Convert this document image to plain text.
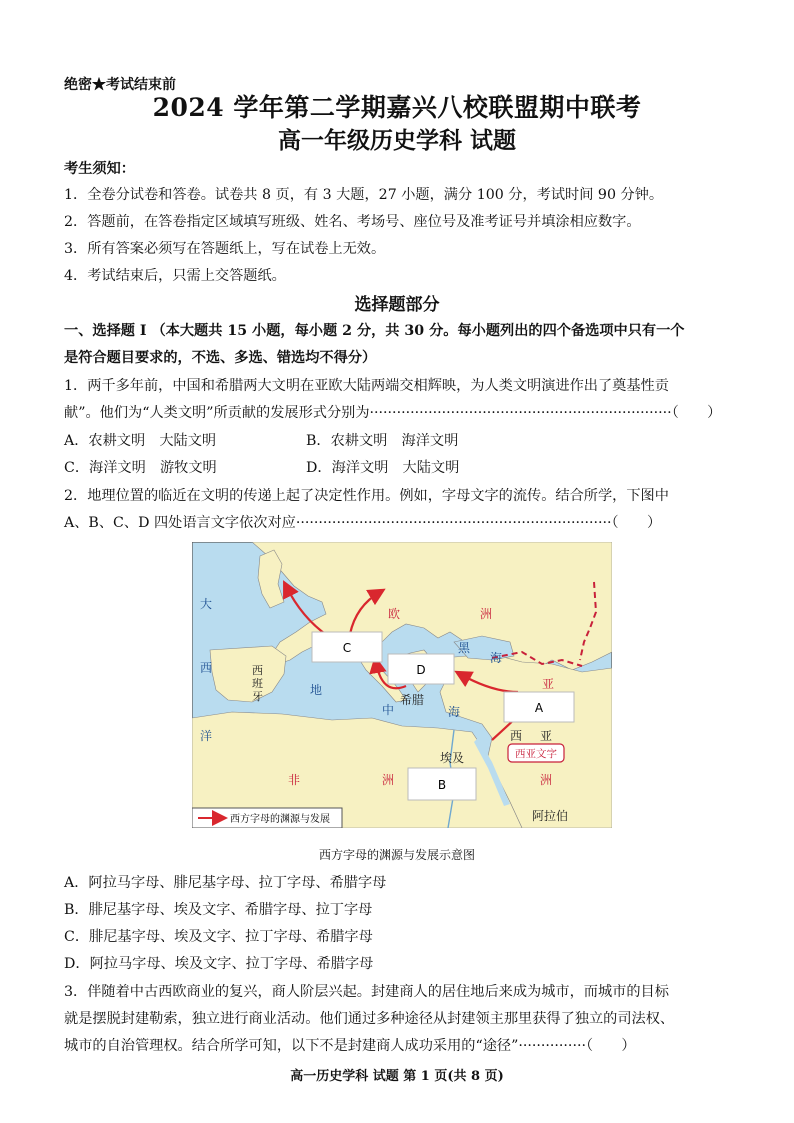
绝密★考试结束前
2024 学年第二学期嘉兴八校联盟期中联考
高一年级历史学科 试题
考生须知：
1．全卷分试卷和答卷。试卷共 8 页，有 3 大题，27 小题，满分 100 分，考试时间 90 分钟。
2．答题前，在答卷指定区域填写班级、姓名、考场号、座位号及准考证号并填涂相应数字。
3．所有答案必须写在答题纸上，写在试卷上无效。
4．考试结束后，只需上交答题纸。
选择题部分
一、选择题 I （本大题共 15 小题，每小题 2 分，共 30 分。每小题列出的四个备选项中只有一个
是符合题目要求的，不选、多选、错选均不得分）
1．两千多年前，中国和希腊两大文明在亚欧大陆两端交相辉映，为人类文明演进作出了奠基性贡
献”。他们为“人类文明”所贡献的发展形式分别为···································································（　　）
A．农耕文明　大陆文明	B．农耕文明　海洋文明
C．海洋文明　游牧文明	D．海洋文明　大陆文明
2．地理位置的临近在文明的传递上起了决定性作用。例如，字母文字的流传。结合所学，下图中
A、B、C、D 四处语言文字依次对应······································································（　　）
C
D
A
B
大
西
洋
欧	洲
黑
海
亚
西 亚
西班牙	地
中	海
希腊
埃及
非	洲	洲
阿拉伯
西亚文字
西方字母的渊源与发展
西方字母的渊源与发展示意图
A．阿拉马字母、腓尼基字母、拉丁字母、希腊字母
B．腓尼基字母、埃及文字、希腊字母、拉丁字母
C．腓尼基字母、埃及文字、拉丁字母、希腊字母
D．阿拉马字母、埃及文字、拉丁字母、希腊字母
3．伴随着中古西欧商业的复兴，商人阶层兴起。封建商人的居住地后来成为城市，而城市的目标
就是摆脱封建勒索，独立进行商业活动。他们通过多种途径从封建领主那里获得了独立的司法权、
城市的自治管理权。结合所学可知，以下不是封建商人成功采用的“途径”···············（　　）
高一历史学科 试题 第 1 页(共 8 页)
